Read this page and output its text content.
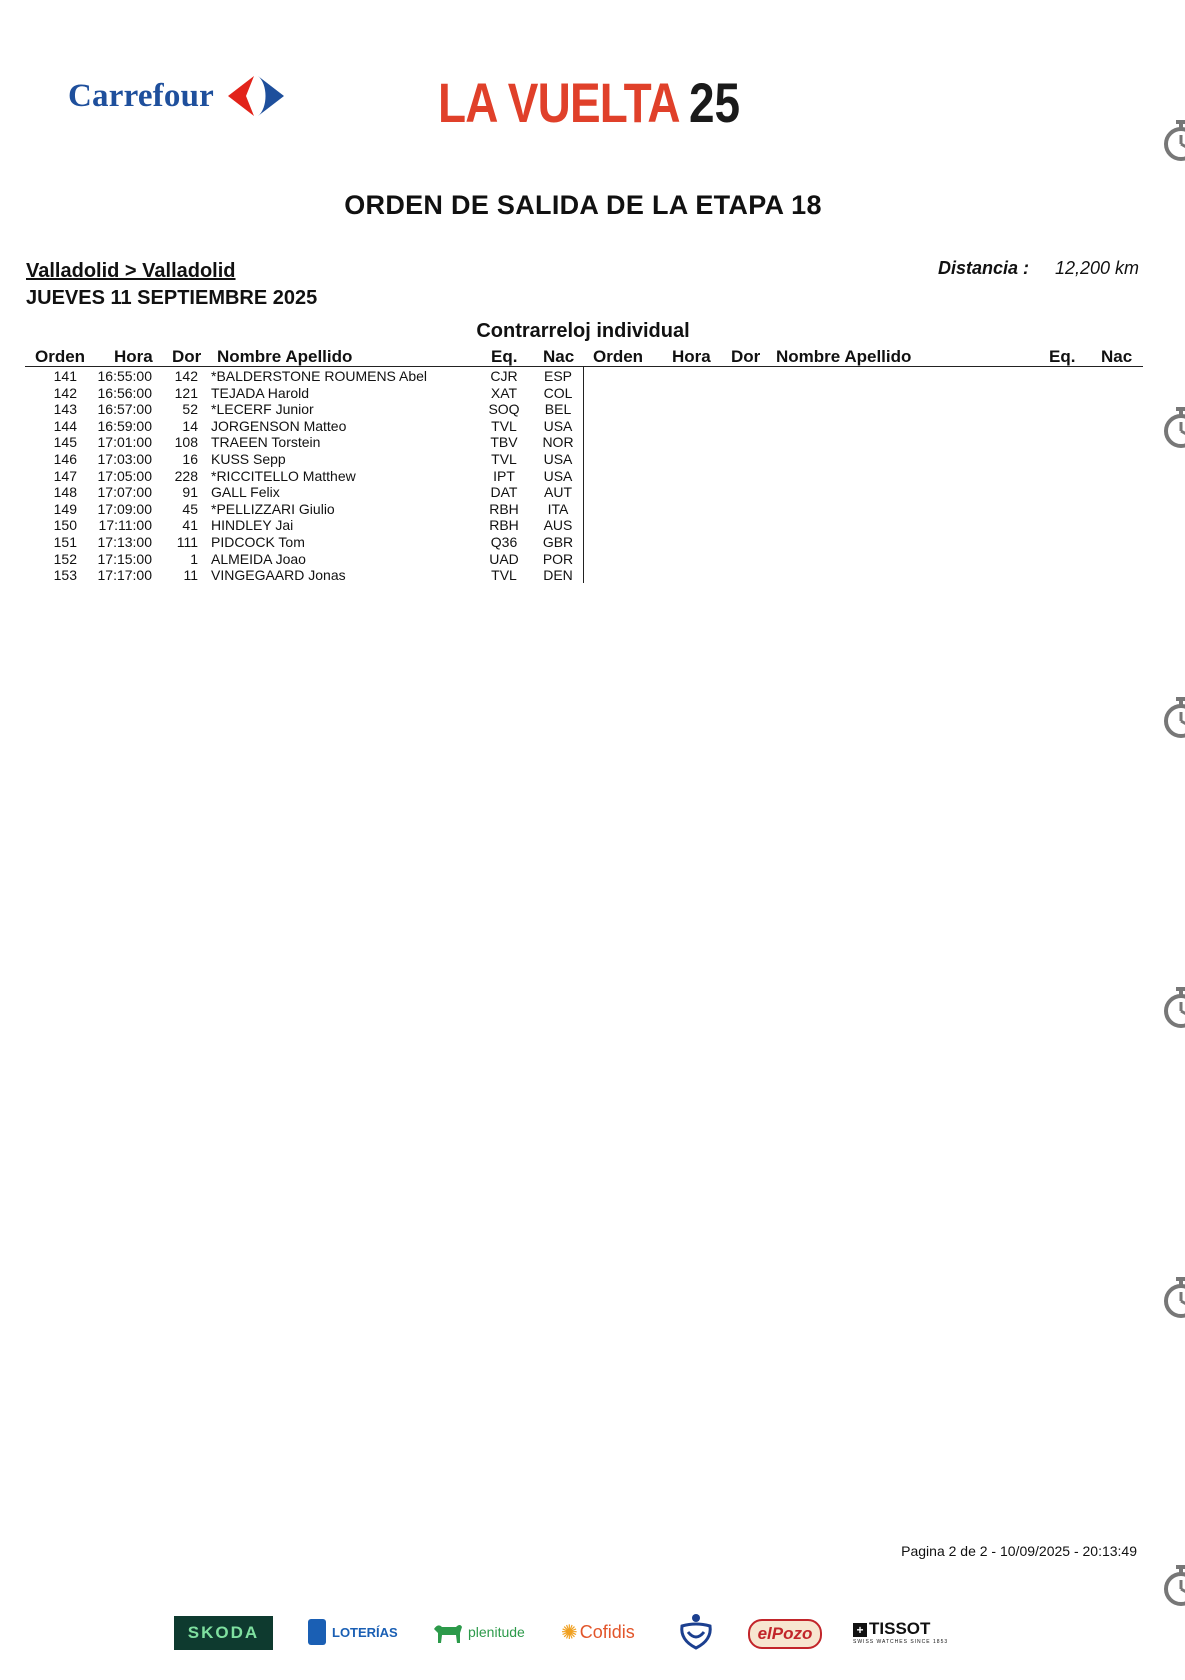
Carrefour	LA VUELTA 25
ORDEN DE SALIDA DE LA ETAPA 18
Valladolid > Valladolid
JUEVES 11 SEPTIEMBRE 2025
Distancia : 12,200 km
Contrarreloj individual
Orden Hora Dor Nombre Apellido	Eq. Nac Orden Hora Dor Nombre Apellido	Eq. Nac
141	16:55:00	142 *BALDERSTONE ROUMENS Abel	CJR	ESP
142	16:56:00	121 TEJADA Harold	XAT	COL
143	16:57:00	52 *LECERF Junior	SOQ	BEL
144	16:59:00	14 JORGENSON Matteo	TVL	USA
145	17:01:00	108 TRAEEN Torstein	TBV	NOR
146	17:03:00	16 KUSS Sepp	TVL	USA
147	17:05:00	228 *RICCITELLO Matthew	IPT	USA
148	17:07:00	91 GALL Felix	DAT	AUT
149	17:09:00	45 *PELLIZZARI Giulio	RBH	ITA
150	17:11:00	41 HINDLEY Jai	RBH	AUS
151	17:13:00	111 PIDCOCK Tom	Q36	GBR
152	17:15:00	1 ALMEIDA Joao	UAD	POR
153	17:17:00	11 VINGEGAARD Jonas	TVL	DEN
Pagina 2 de 2 - 10/09/2025 - 20:13:49
SKODA	LOTERÍAS	plenitude ✺ Cofidis	elPozo	+ TISSOT
SWISS WATCHES SINCE 1853
